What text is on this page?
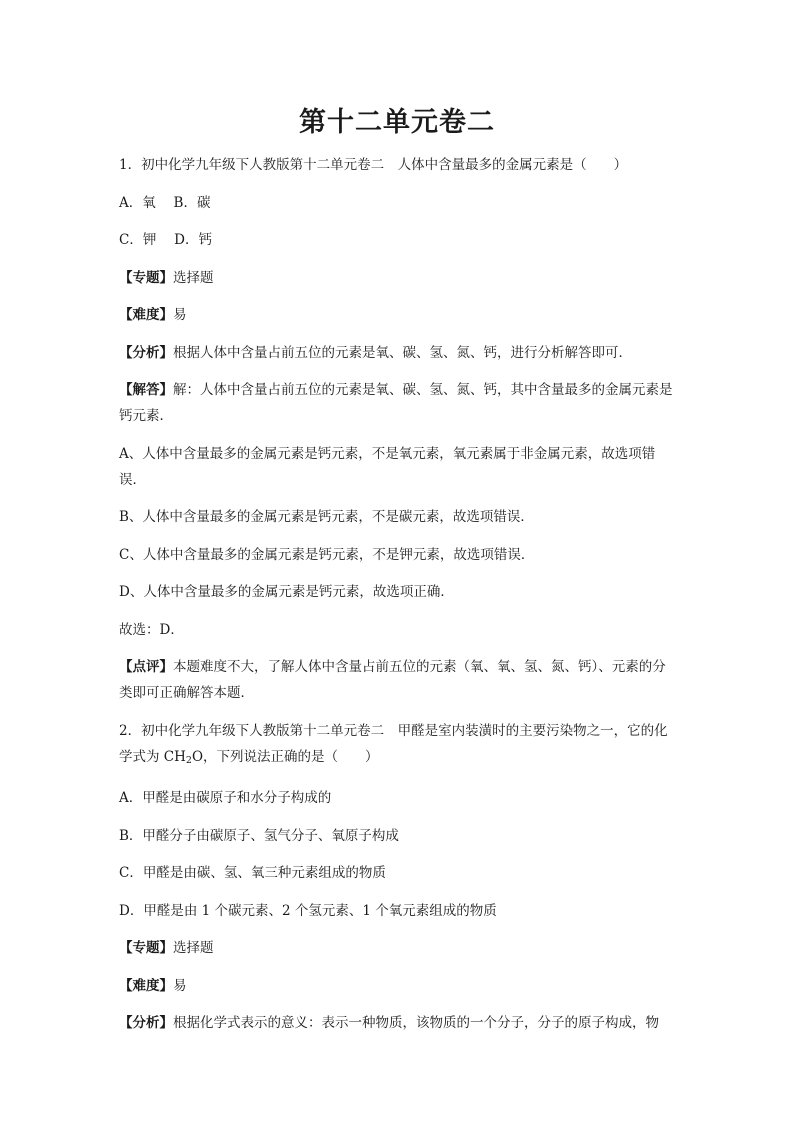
第十二单元卷二

1．初中化学九年级下人教版第十二单元卷二　人体中含量最多的金属元素是（　　）

A．氧　 B．碳

C．钾　 D．钙

【专题】选择题

【难度】易

【分析】根据人体中含量占前五位的元素是氧、碳、氢、氮、钙，进行分析解答即可．

【解答】解：人体中含量占前五位的元素是氧、碳、氢、氮、钙，其中含量最多的金属元素是钙元素．

A、人体中含量最多的金属元素是钙元素，不是氧元素，氧元素属于非金属元素，故选项错误．

B、人体中含量最多的金属元素是钙元素，不是碳元素，故选项错误．

C、人体中含量最多的金属元素是钙元素，不是钾元素，故选项错误．

D、人体中含量最多的金属元素是钙元素，故选项正确．

故选：D．

【点评】本题难度不大，了解人体中含量占前五位的元素（氧、氧、氢、氮、钙）、元素的分类即可正确解答本题．

2．初中化学九年级下人教版第十二单元卷二　甲醛是室内装潢时的主要污染物之一，它的化学式为 $CH_2O$，下列说法正确的是（　　）

A．甲醛是由碳原子和水分子构成的

B．甲醛分子由碳原子、氢气分子、氧原子构成

C．甲醛是由碳、氢、氧三种元素组成的物质

D．甲醛是由 1 个碳元素、2 个氢元素、1 个氧元素组成的物质

【专题】选择题

【难度】易

【分析】根据化学式表示的意义：表示一种物质，该物质的一个分子，分子的原子构成，物
